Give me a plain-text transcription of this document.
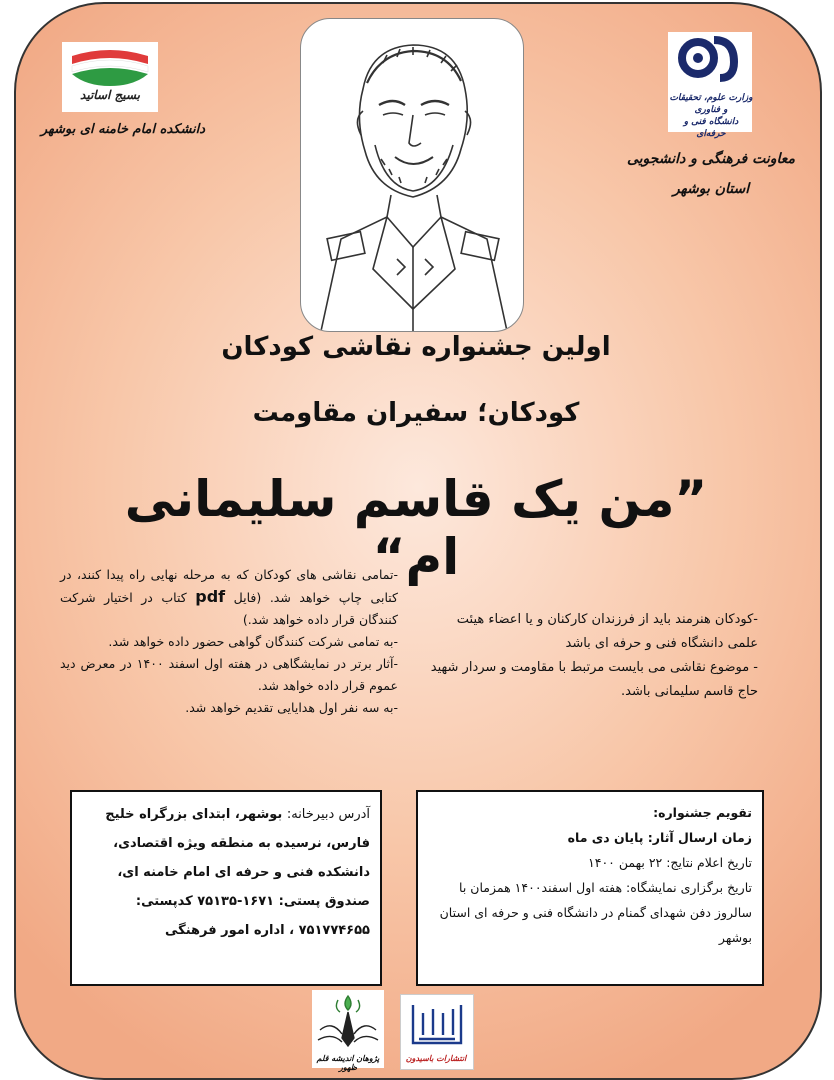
بسیج اساتید
دانشکده امام خامنه ای بوشهر
وزارت علوم، تحقیقات و فناوری
دانشگاه فنی و حرفه‌ای
معاونت فرهنگی و دانشجویی
استان بوشهر
اولین جشنواره نقاشی کودکان
کودکان؛ سفیران مقاومت
”من یک قاسم سلیمانی ام“

-تمامی نقاشی های کودکان که به مرحله نهایی راه پیدا کنند، در کتابی چاپ خواهد شد. (فایل pdf کتاب در اختیار شرکت کنندگان قرار داده خواهد شد.)

-به تمامی شرکت کنندگان گواهی حضور داده خواهد شد.

-آثار برتر در نمایشگاهی در هفته اول اسفند ۱۴۰۰ در معرض دید عموم قرار داده خواهد شد.

-به سه نفر اول هدایایی تقدیم خواهد شد.

-کودکان هنرمند باید از فرزندان کارکنان و یا اعضاء هیئت علمی دانشگاه فنی و حرفه ای باشد

- موضوع نقاشی می بایست مرتبط با مقاومت و سردار شهید حاج قاسم سلیمانی باشد.

آدرس دبیرخانه: بوشهر، ابتدای بزرگراه خلیج فارس، نرسیده به منطقه ویژه اقتصادی، دانشکده فنی و حرفه ای امام خامنه ای، صندوق پستی: ۱۶۷۱-۷۵۱۳۵ کدپستی: ۷۵۱۷۷۴۶۵۵ ، اداره امور فرهنگی
تقویم جشنواره:
زمان ارسال آثار: پایان دی ماه
تاریخ اعلام نتایج: ۲۲ بهمن ۱۴۰۰
تاریخ برگزاری نمایشگاه: هفته اول اسفند۱۴۰۰ همزمان با سالروز دفن شهدای گمنام در دانشگاه فنی و حرفه ای استان بوشهر
پژوهان اندیشه قلم ظهور
انتشارات باسیدون
